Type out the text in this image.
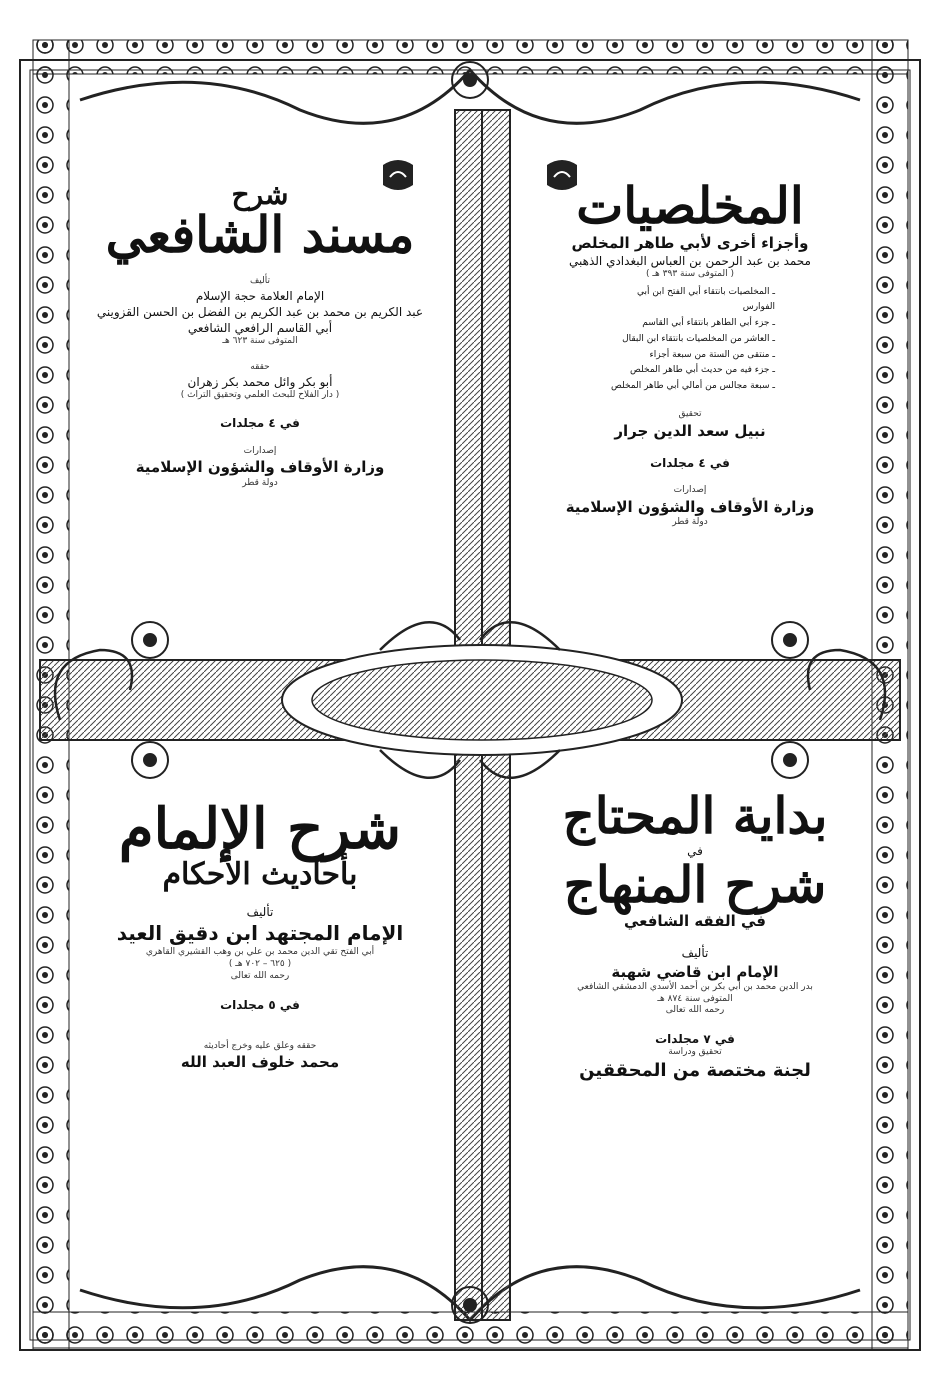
شرح
مسند الشافعي
تأليف
الإمام العلامة حجة الإسلام
عبد الكريم بن محمد بن عبد الكريم بن الفضل بن الحسن القزويني
أبي القاسم الرافعي الشافعي
المتوفى سنة ٦٢٣ هـ
حققه
أبو بكر وائل محمد بكر زهران
( دار الفلاح للبحث العلمي وتحقيق التراث )
في ٤ مجلدات
إصدارات
وزارة الأوقاف والشؤون الإسلامية
دولة قطر
المخلصيات
وأجزاء أخرى لأبي طاهر المخلص
محمد بن عبد الرحمن بن العباس البغدادي الذهبي
( المتوفى سنة ٣٩٣ هـ )
ـ المخلصيات بانتقاء أبي الفتح ابن أبي الفوارس
ـ جزء أبي الطاهر بانتقاء أبي القاسم
ـ العاشر من المخلصيات بانتقاء ابن البقال
ـ منتقى من الستة من سبعة أجزاء
ـ جزء فيه من حديث أبي طاهر المخلص
ـ سبعة مجالس من أمالي أبي طاهر المخلص
تحقيق
نبيل سعد الدين جرار
في ٤ مجلدات
إصدارات
وزارة الأوقاف والشؤون الإسلامية
دولة قطر
شرح الإلمام
بأحاديث الأحكام
تأليف
الإمام المجتهد ابن دقيق العيد
أبي الفتح تقي الدين محمد بن علي بن وهب القشيري القاهري
( ٦٢٥ – ٧٠٢ هـ )
رحمه الله تعالى
في ٥ مجلدات
حققه وعلق عليه وخرج أحاديثه
محمد خلوف العبد الله
بداية المحتاج
في
شرح المنهاج
في الفقه الشافعي
تأليف
الإمام ابن قاضي شهبة
بدر الدين محمد بن أبي بكر بن أحمد الأسدي الدمشقي الشافعي
المتوفى سنة ٨٧٤ هـ
رحمه الله تعالى
في ٧ مجلدات
تحقيق ودراسة
لجنة مختصة من المحققين
